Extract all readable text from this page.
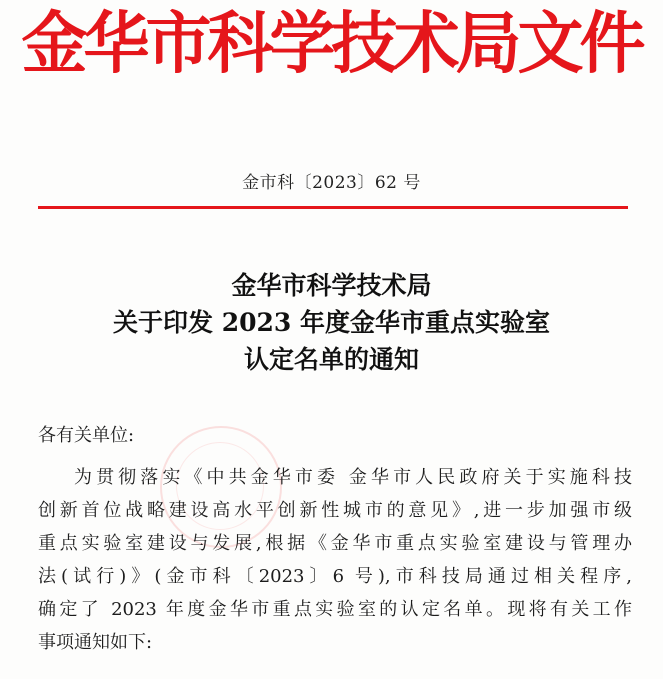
金华市科学技术局文件
金市科〔2023〕62 号
金华市科学技术局
关于印发 2023 年度金华市重点实验室
认定名单的通知
各有关单位:
为贯彻落实《中共金华市委 金华市人民政府关于实施科技
创新首位战略建设高水平创新性城市的意见》,进一步加强市级
重点实验室建设与发展,根据《金华市重点实验室建设与管理办
法(试行)》(金市科〔2023〕6 号),市科技局通过相关程序,
确定了 2023 年度金华市重点实验室的认定名单。现将有关工作
事项通知如下:
